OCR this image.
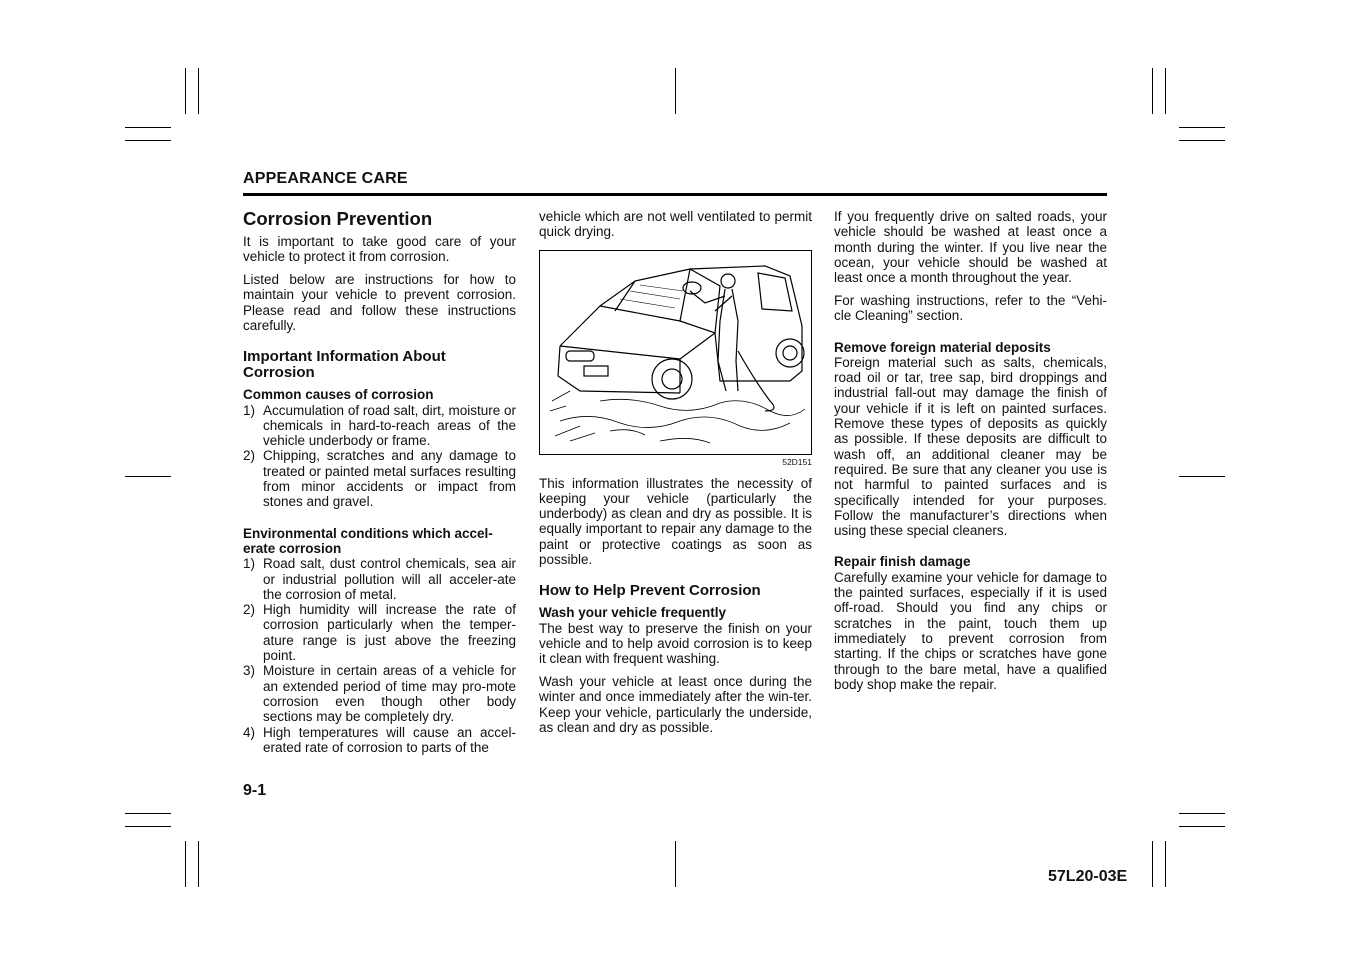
APPEARANCE CARE
Corrosion Prevention

It is important to take good care of your vehicle to protect it from corrosion.

Listed below are instructions for how to maintain your vehicle to prevent corrosion. Please read and follow these instructions carefully.

Important Information About Corrosion
Common causes of corrosion
1) Accumulation of road salt, dirt, moisture or chemicals in hard-to-reach areas of the vehicle underbody or frame.
2) Chipping, scratches and any damage to treated or painted metal surfaces resulting from minor accidents or impact from stones and gravel.
Environmental conditions which accel-erate corrosion
1) Road salt, dust control chemicals, sea air or industrial pollution will all acceler-ate the corrosion of metal.
2) High humidity will increase the rate of corrosion particularly when the temper-ature range is just above the freezing point.
3) Moisture in certain areas of a vehicle for an extended period of time may pro-mote corrosion even though other body sections may be completely dry.
4) High temperatures will cause an accel-erated rate of corrosion to parts of the

vehicle which are not well ventilated to permit quick drying.

52D151

This information illustrates the necessity of keeping your vehicle (particularly the underbody) as clean and dry as possible. It is equally important to repair any damage to the paint or protective coatings as soon as possible.

How to Help Prevent Corrosion
Wash your vehicle frequently

The best way to preserve the finish on your vehicle and to help avoid corrosion is to keep it clean with frequent washing.

Wash your vehicle at least once during the winter and once immediately after the win-ter. Keep your vehicle, particularly the underside, as clean and dry as possible.

If you frequently drive on salted roads, your vehicle should be washed at least once a month during the winter. If you live near the ocean, your vehicle should be washed at least once a month throughout the year.

For washing instructions, refer to the “Vehi-cle Cleaning” section.

Remove foreign material deposits

Foreign material such as salts, chemicals, road oil or tar, tree sap, bird droppings and industrial fall-out may damage the finish of your vehicle if it is left on painted surfaces. Remove these types of deposits as quickly as possible. If these deposits are difficult to wash off, an additional cleaner may be required. Be sure that any cleaner you use is not harmful to painted surfaces and is specifically intended for your purposes. Follow the manufacturer’s directions when using these special cleaners.

Repair finish damage

Carefully examine your vehicle for damage to the painted surfaces, especially if it is used off-road. Should you find any chips or scratches in the paint, touch them up immediately to prevent corrosion from starting. If the chips or scratches have gone through to the bare metal, have a qualified body shop make the repair.

9-1
57L20-03E
